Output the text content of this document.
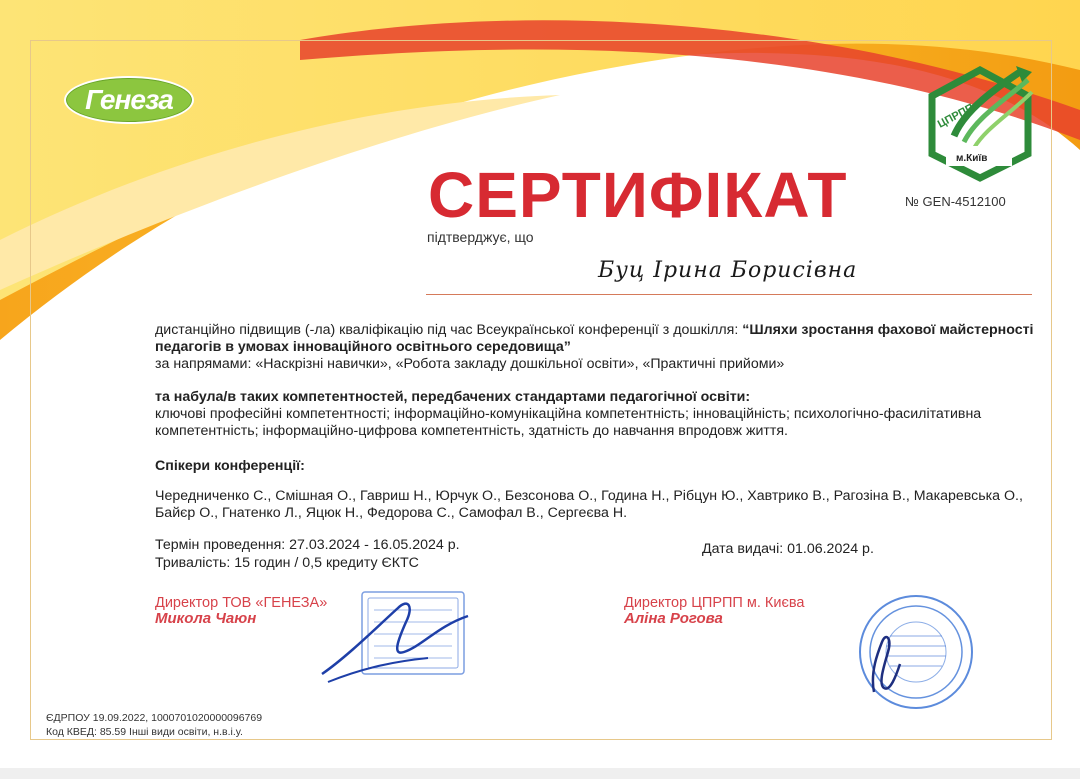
Генеза
ЦПРПП
м.Київ
СЕРТИФІКАТ	№ GEN-4512100
підтверджує, що
Буц Ірина Борисівна
дистанційно підвищив (-ла) кваліфікацію під час Всеукраїнської конференції з дошкілля: “Шляхи зростання фахової майстерності педагогів в умовах інноваційного освітнього середовища”
за напрямами: «Наскрізні навички», «Робота закладу дошкільної освіти», «Практичні прийоми»
та набула/в таких компетентностей, передбачених стандартами педагогічної освіти:
ключові професійні компетентності; інформаційно-комунікаційна компетентність; інноваційність; психологічно-фасилітативна компетентність; інформаційно-цифрова компетентність, здатність до навчання впродовж життя.
Спікери конференції:
Чередниченко С., Смішная О., Гавриш Н., Юрчук О., Безсонова О., Година Н., Рібцун Ю., Хавтрико В., Рагозіна В., Макаревська О., Байєр О., Гнатенко Л., Яцюк Н., Федорова С., Самофал В., Сергеєва Н.
Термін проведення: 27.03.2024 - 16.05.2024 р.
Тривалість: 15 годин / 0,5 кредиту ЄКТС
Дата видачі: 01.06.2024 р.
Директор ТОВ «ГЕНЕЗА»
Микола Чаюн
Директор ЦПРПП м. Києва
Аліна Рогова
ЄДРПОУ 19.09.2022, 1000701020000096769
Код КВЕД: 85.59 Інші види освіти, н.в.і.у.
